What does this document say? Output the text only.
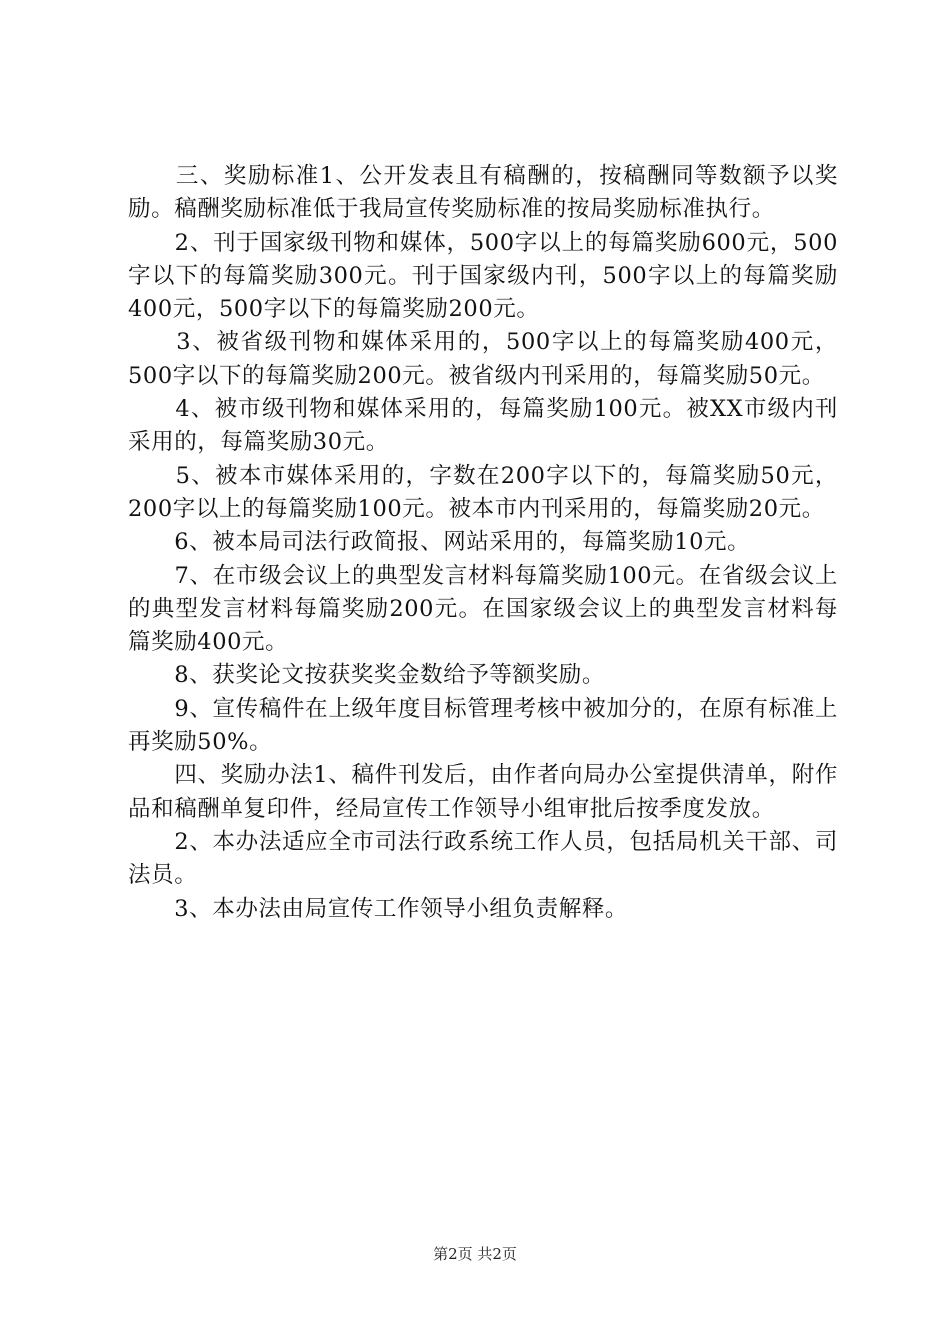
　　三、奖励标准1、公开发表且有稿酬的，按稿酬同等数额予以奖励。稿酬奖励标准低于我局宣传奖励标准的按局奖励标准执行。

　　2、刊于国家级刊物和媒体，500字以上的每篇奖励600元，500字以下的每篇奖励300元。刊于国家级内刊，500字以上的每篇奖励400元，500字以下的每篇奖励200元。

　　3、被省级刊物和媒体采用的，500字以上的每篇奖励400元，500字以下的每篇奖励200元。被省级内刊采用的，每篇奖励50元。

　　4、被市级刊物和媒体采用的，每篇奖励100元。被XX市级内刊采用的，每篇奖励30元。

　　5、被本市媒体采用的，字数在200字以下的，每篇奖励50元，200字以上的每篇奖励100元。被本市内刊采用的，每篇奖励20元。

　　6、被本局司法行政简报、网站采用的，每篇奖励10元。

　　7、在市级会议上的典型发言材料每篇奖励100元。在省级会议上的典型发言材料每篇奖励200元。在国家级会议上的典型发言材料每篇奖励400元。

　　8、获奖论文按获奖奖金数给予等额奖励。

　　9、宣传稿件在上级年度目标管理考核中被加分的，在原有标准上再奖励50%。

　　四、奖励办法1、稿件刊发后，由作者向局办公室提供清单，附作品和稿酬单复印件，经局宣传工作领导小组审批后按季度发放。

　　2、本办法适应全市司法行政系统工作人员，包括局机关干部、司法员。

　　3、本办法由局宣传工作领导小组负责解释。

第2页 共2页
